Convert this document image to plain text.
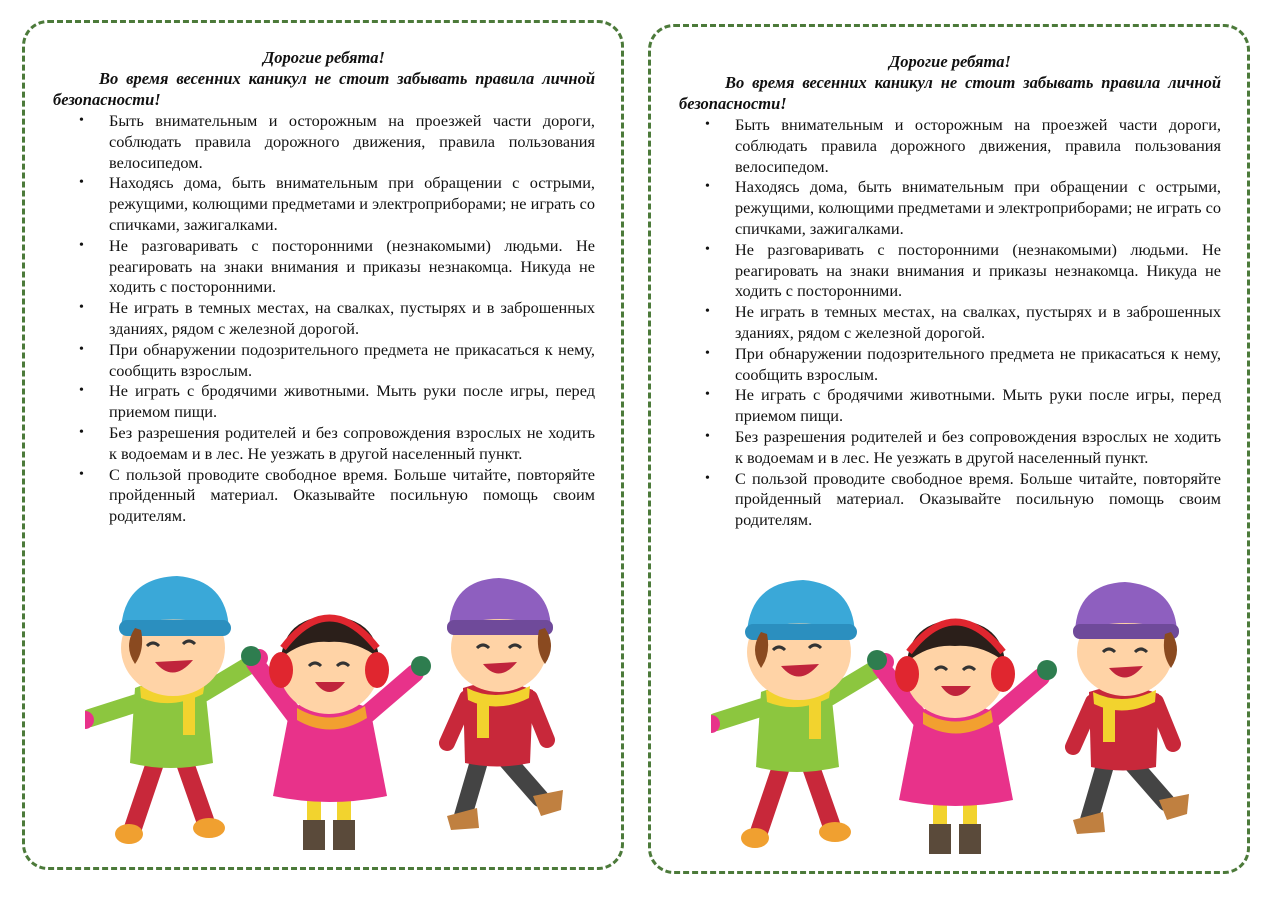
Дорогие ребята!

Во время весенних каникул не стоит забывать правила личной безопасности!

• Быть внимательным и осторожным на проезжей части дороги, соблюдать правила дорожного движения, правила пользования велосипедом.
• Находясь дома, быть внимательным при обращении с острыми, режущими, колющими предметами и электроприборами; не играть со спичками, зажигалками.
• Не разговаривать с посторонними (незнакомыми) людьми. Не реагировать на знаки внимания и приказы незнакомца. Никуда не ходить с посторонними.
• Не играть в темных местах, на свалках, пустырях и в заброшенных зданиях, рядом с железной дорогой.
• При обнаружении подозрительного предмета не прикасаться к нему, сообщить взрослым.
• Не играть с бродячими животными. Мыть руки после игры, перед приемом пищи.
• Без разрешения родителей и без сопровождения взрослых не ходить к водоемам и в лес. Не уезжать в другой населенный пункт.
• С пользой проводите свободное время. Больше читайте, повторяйте пройденный материал. Оказывайте посильную помощь своим родителям.

Дорогие ребята!

Во время весенних каникул не стоит забывать правила личной безопасности!

• Быть внимательным и осторожным на проезжей части дороги, соблюдать правила дорожного движения, правила пользования велосипедом.
• Находясь дома, быть внимательным при обращении с острыми, режущими, колющими предметами и электроприборами; не играть со спичками, зажигалками.
• Не разговаривать с посторонними (незнакомыми) людьми. Не реагировать на знаки внимания и приказы незнакомца. Никуда не ходить с посторонними.
• Не играть в темных местах, на свалках, пустырях и в заброшенных зданиях, рядом с железной дорогой.
• При обнаружении подозрительного предмета не прикасаться к нему, сообщить взрослым.
• Не играть с бродячими животными. Мыть руки после игры, перед приемом пищи.
• Без разрешения родителей и без сопровождения взрослых не ходить к водоемам и в лес. Не уезжать в другой населенный пункт.
• С пользой проводите свободное время. Больше читайте, повторяйте пройденный материал. Оказывайте посильную помощь своим родителям.
